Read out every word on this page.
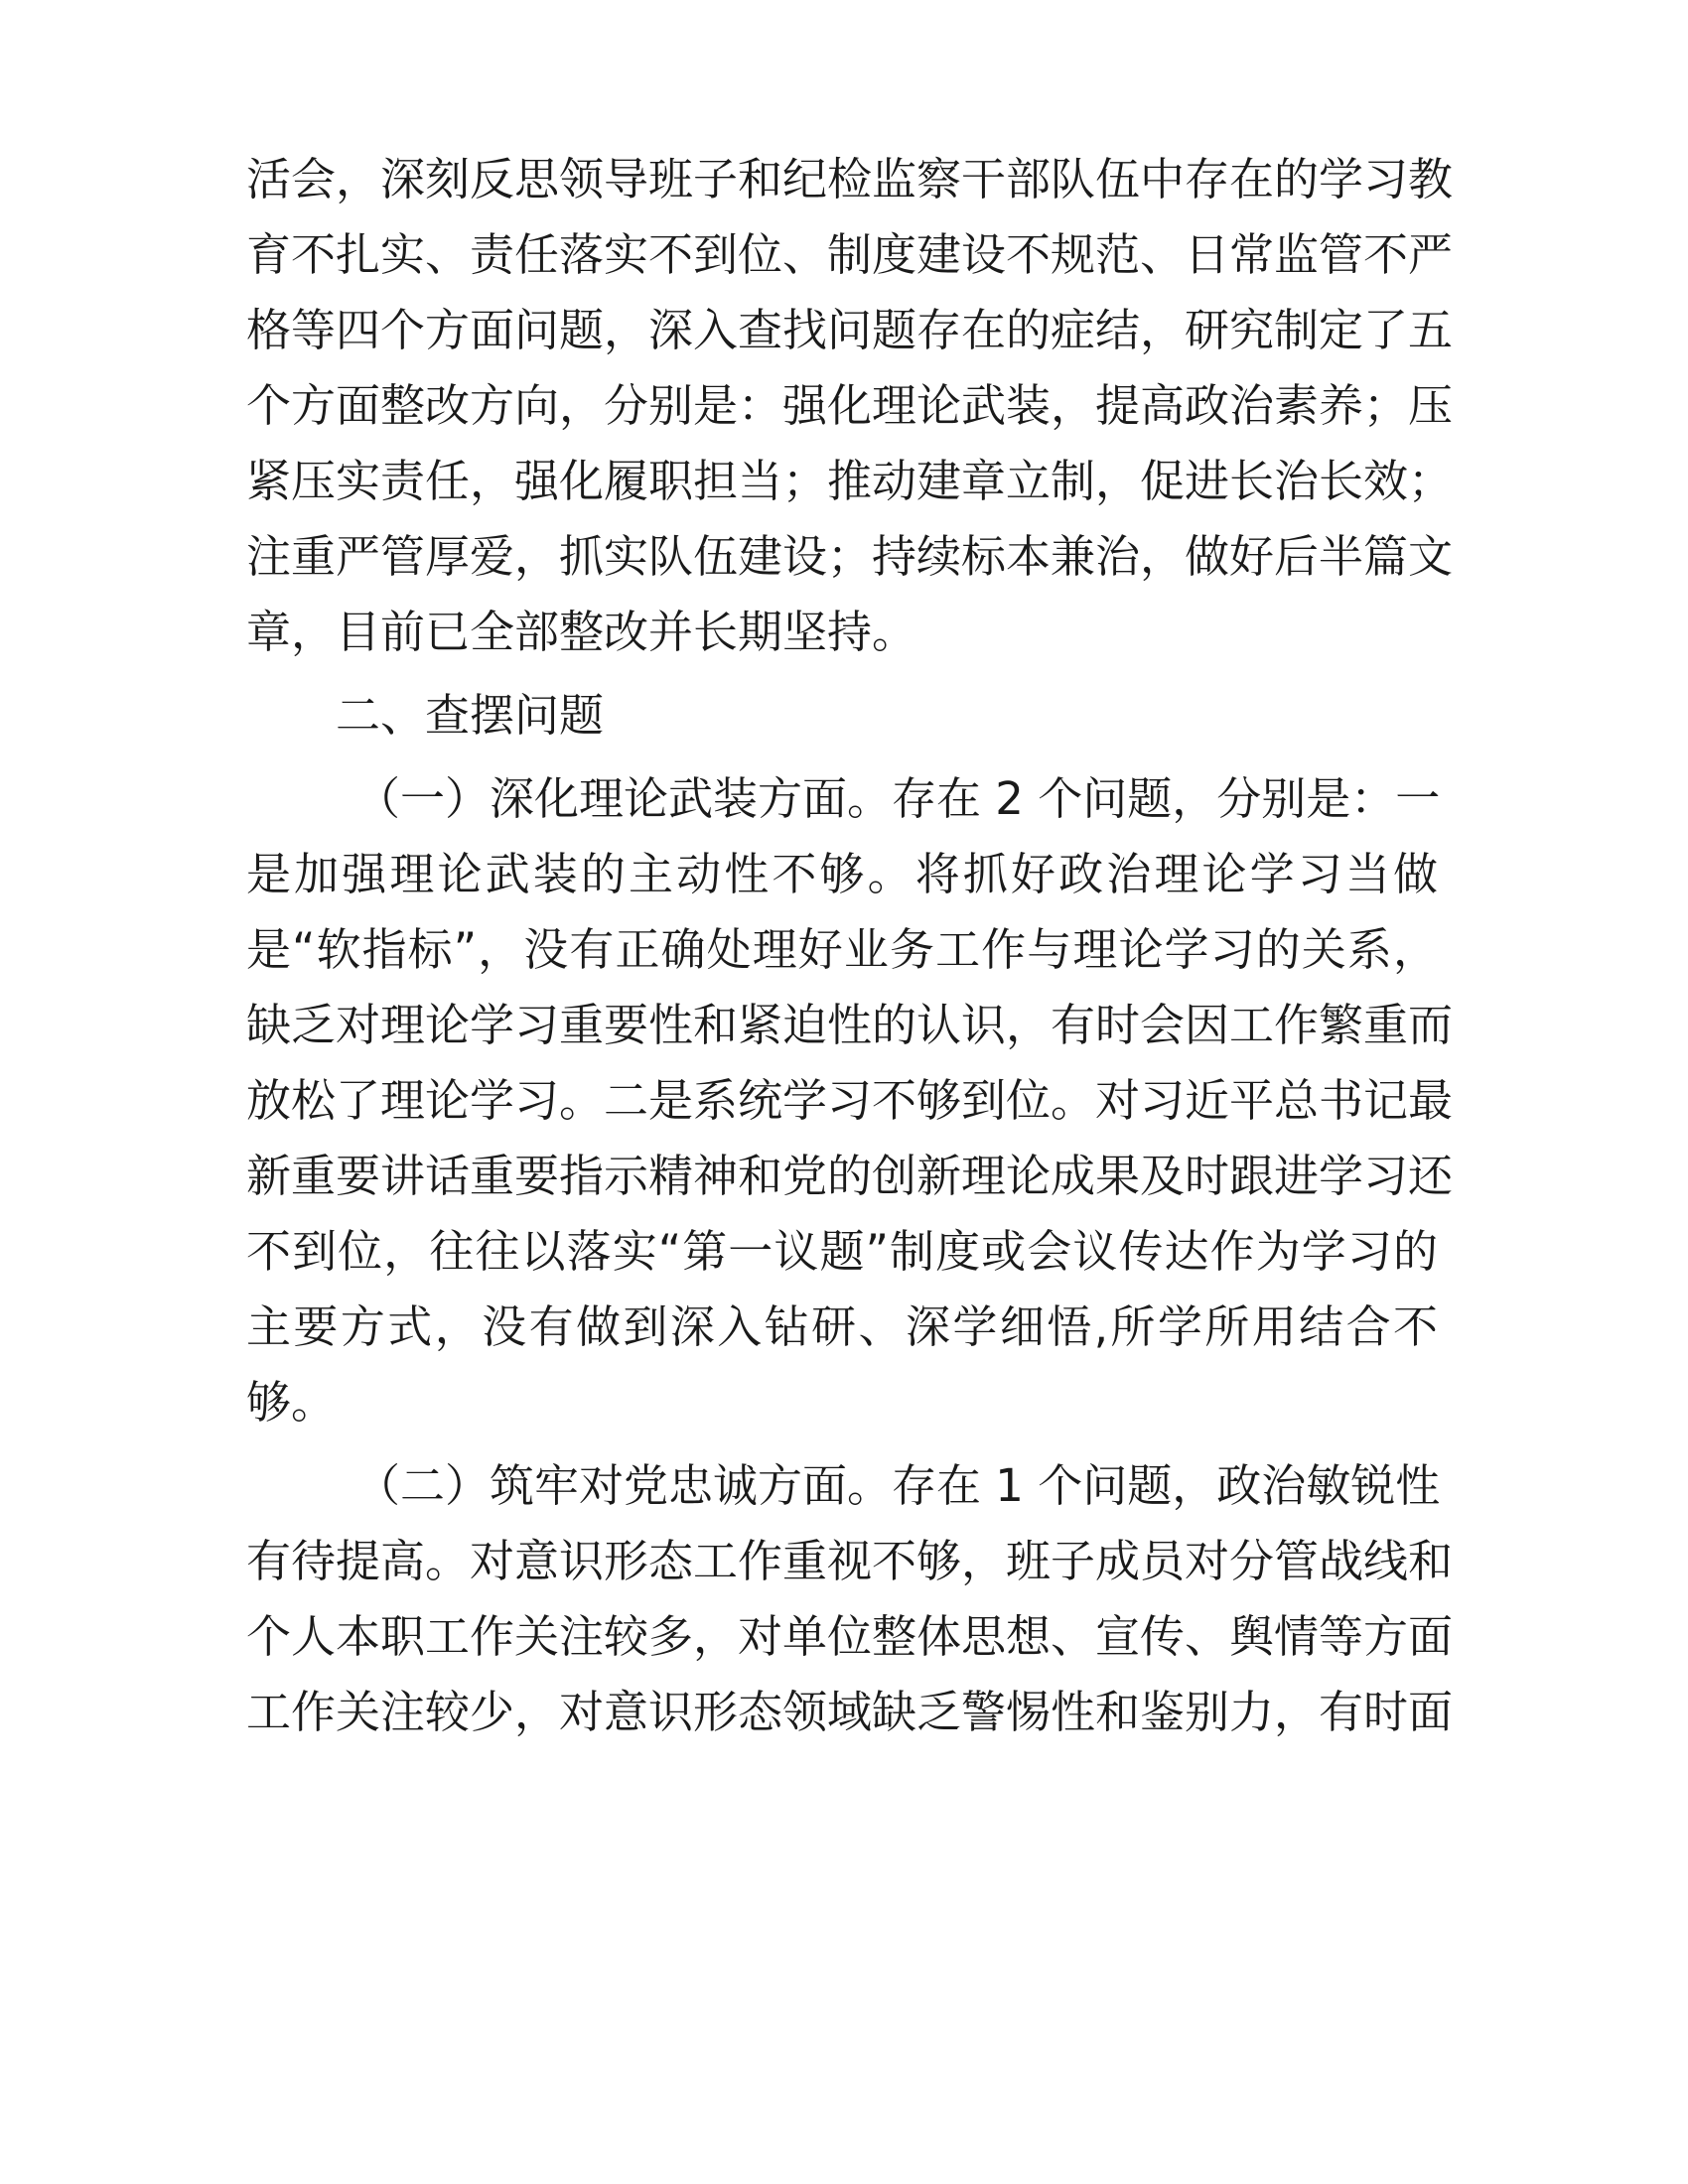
活会，深刻反思领导班子和纪检监察干部队伍中存在的学习教
育不扎实、责任落实不到位、制度建设不规范、日常监管不严
格等四个方面问题，深入查找问题存在的症结，研究制定了五
个方面整改方向，分别是：强化理论武装，提高政治素养；压
紧压实责任，强化履职担当；推动建章立制，促进长治长效；
注重严管厚爱，抓实队伍建设；持续标本兼治，做好后半篇文
章，目前已全部整改并长期坚持。
二、查摆问题
（一）深化理论武装方面。存在 2 个问题，分别是：一
是加强理论武装的主动性不够。将抓好政治理论学习当做
是“软指标”，没有正确处理好业务工作与理论学习的关系，
缺乏对理论学习重要性和紧迫性的认识，有时会因工作繁重而
放松了理论学习。二是系统学习不够到位。对习近平总书记最
新重要讲话重要指示精神和党的创新理论成果及时跟进学习还
不到位，往往以落实“第一议题”制度或会议传达作为学习的
主要方式，没有做到深入钻研、深学细悟,所学所用结合不
够。
（二）筑牢对党忠诚方面。存在 1 个问题，政治敏锐性
有待提高。对意识形态工作重视不够，班子成员对分管战线和
个人本职工作关注较多，对单位整体思想、宣传、舆情等方面
工作关注较少，对意识形态领域缺乏警惕性和鉴别力，有时面
